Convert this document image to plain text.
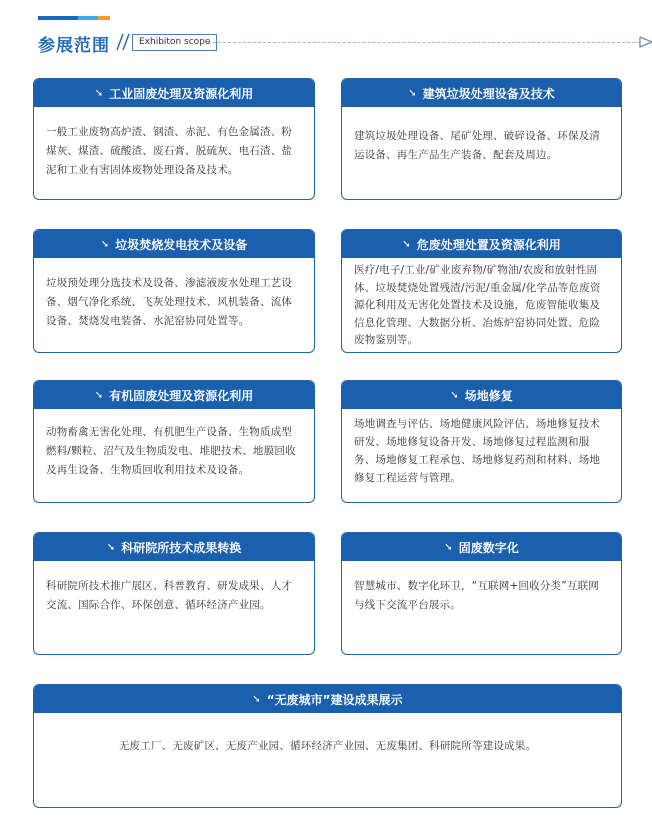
参展范围	Exhibiton scope
➘ 工业固废处理及资源化利用
一般工业废物高炉渣、钢渣、赤泥、有色金属渣、粉煤灰、煤渣、硫酸渣、废石膏、脱硫灰、电石渣、盐泥和工业有害固体废物处理设备及技术。
➘ 建筑垃圾处理设备及技术
建筑垃圾处理设备、尾矿处理、破碎设备、环保及清运设备、再生产品生产装备、配套及周边。
➘ 垃圾焚烧发电技术及设备
垃圾预处理分选技术及设备、渗滤液废水处理工艺设备、烟气净化系统、飞灰处理技术、风机装备、流体设备、焚烧发电装备、水泥窑协同处置等。
➘ 危废处理处置及资源化利用
医疗/电子/工业/矿业废弃物/矿物油/农废和放射性固体、垃圾焚烧处置残渣/污泥/重金属/化学品等危废资源化利用及无害化处置技术及设施，危废智能收集及信息化管理、大数据分析、冶炼炉窑协同处置、危险废物鉴别等。
➘ 有机固废处理及资源化利用
动物畜禽无害化处理、有机肥生产设备、生物质成型燃料/颗粒、沼气及生物质发电、堆肥技术、地膜回收及再生设备、生物质回收利用技术及设备。
➘ 场地修复
场地调查与评估、场地健康风险评估、场地修复技术研发、场地修复设备开发、场地修复过程监测和服务、场地修复工程承包、场地修复药剂和材料、场地修复工程运营与管理。
➘ 科研院所技术成果转换
科研院所技术推广展区、科普教育、研发成果、人才交流、国际合作、环保创意、循环经济产业园。
➘ 固废数字化
智慧城市、数字化环卫，“互联网+回收分类”互联网与线下交流平台展示。
➘ “无废城市”建设成果展示
无废工厂、无废矿区、无废产业园、循环经济产业园、无废集团、科研院所等建设成果。
